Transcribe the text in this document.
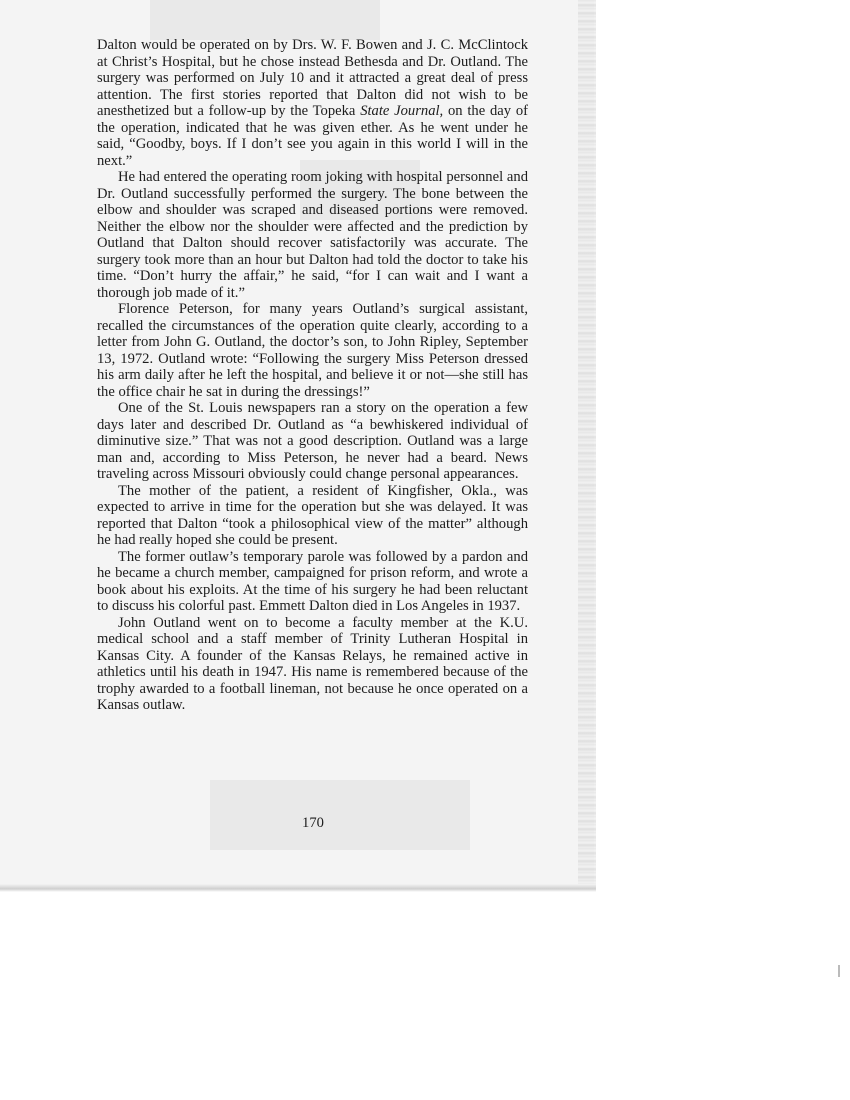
Dalton would be operated on by Drs. W. F. Bowen and J. C. McClintock at Christ’s Hospital, but he chose instead Bethesda and Dr. Outland. The surgery was performed on July 10 and it attracted a great deal of press attention. The first stories reported that Dalton did not wish to be anesthetized but a follow-up by the Topeka State Journal, on the day of the operation, indicated that he was given ether. As he went under he said, “Goodby, boys. If I don’t see you again in this world I will in the next.”

He had entered the operating room joking with hospital personnel and Dr. Outland successfully performed the surgery. The bone between the elbow and shoulder was scraped and diseased portions were removed. Neither the elbow nor the shoulder were affected and the prediction by Outland that Dalton should recover satisfactorily was accurate. The surgery took more than an hour but Dalton had told the doctor to take his time. “Don’t hurry the affair,” he said, “for I can wait and I want a thorough job made of it.”

Florence Peterson, for many years Outland’s surgical assistant, recalled the circumstances of the operation quite clearly, according to a letter from John G. Outland, the doctor’s son, to John Ripley, September 13, 1972. Outland wrote: “Following the surgery Miss Peterson dressed his arm daily after he left the hospital, and believe it or not—she still has the office chair he sat in during the dressings!”

One of the St. Louis newspapers ran a story on the operation a few days later and described Dr. Outland as “a bewhiskered individual of diminutive size.” That was not a good description. Outland was a large man and, according to Miss Peterson, he never had a beard. News traveling across Missouri obviously could change personal appearances.

The mother of the patient, a resident of Kingfisher, Okla., was expected to arrive in time for the operation but she was delayed. It was reported that Dalton “took a philosophical view of the matter” although he had really hoped she could be present.

The former outlaw’s temporary parole was followed by a pardon and he became a church member, campaigned for prison reform, and wrote a book about his exploits. At the time of his surgery he had been reluctant to discuss his colorful past. Emmett Dalton died in Los Angeles in 1937.

John Outland went on to become a faculty member at the K.U. medical school and a staff member of Trinity Lutheran Hospital in Kansas City. A founder of the Kansas Relays, he remained active in athletics until his death in 1947. His name is remembered because of the trophy awarded to a football lineman, not because he once operated on a Kansas outlaw.

170
